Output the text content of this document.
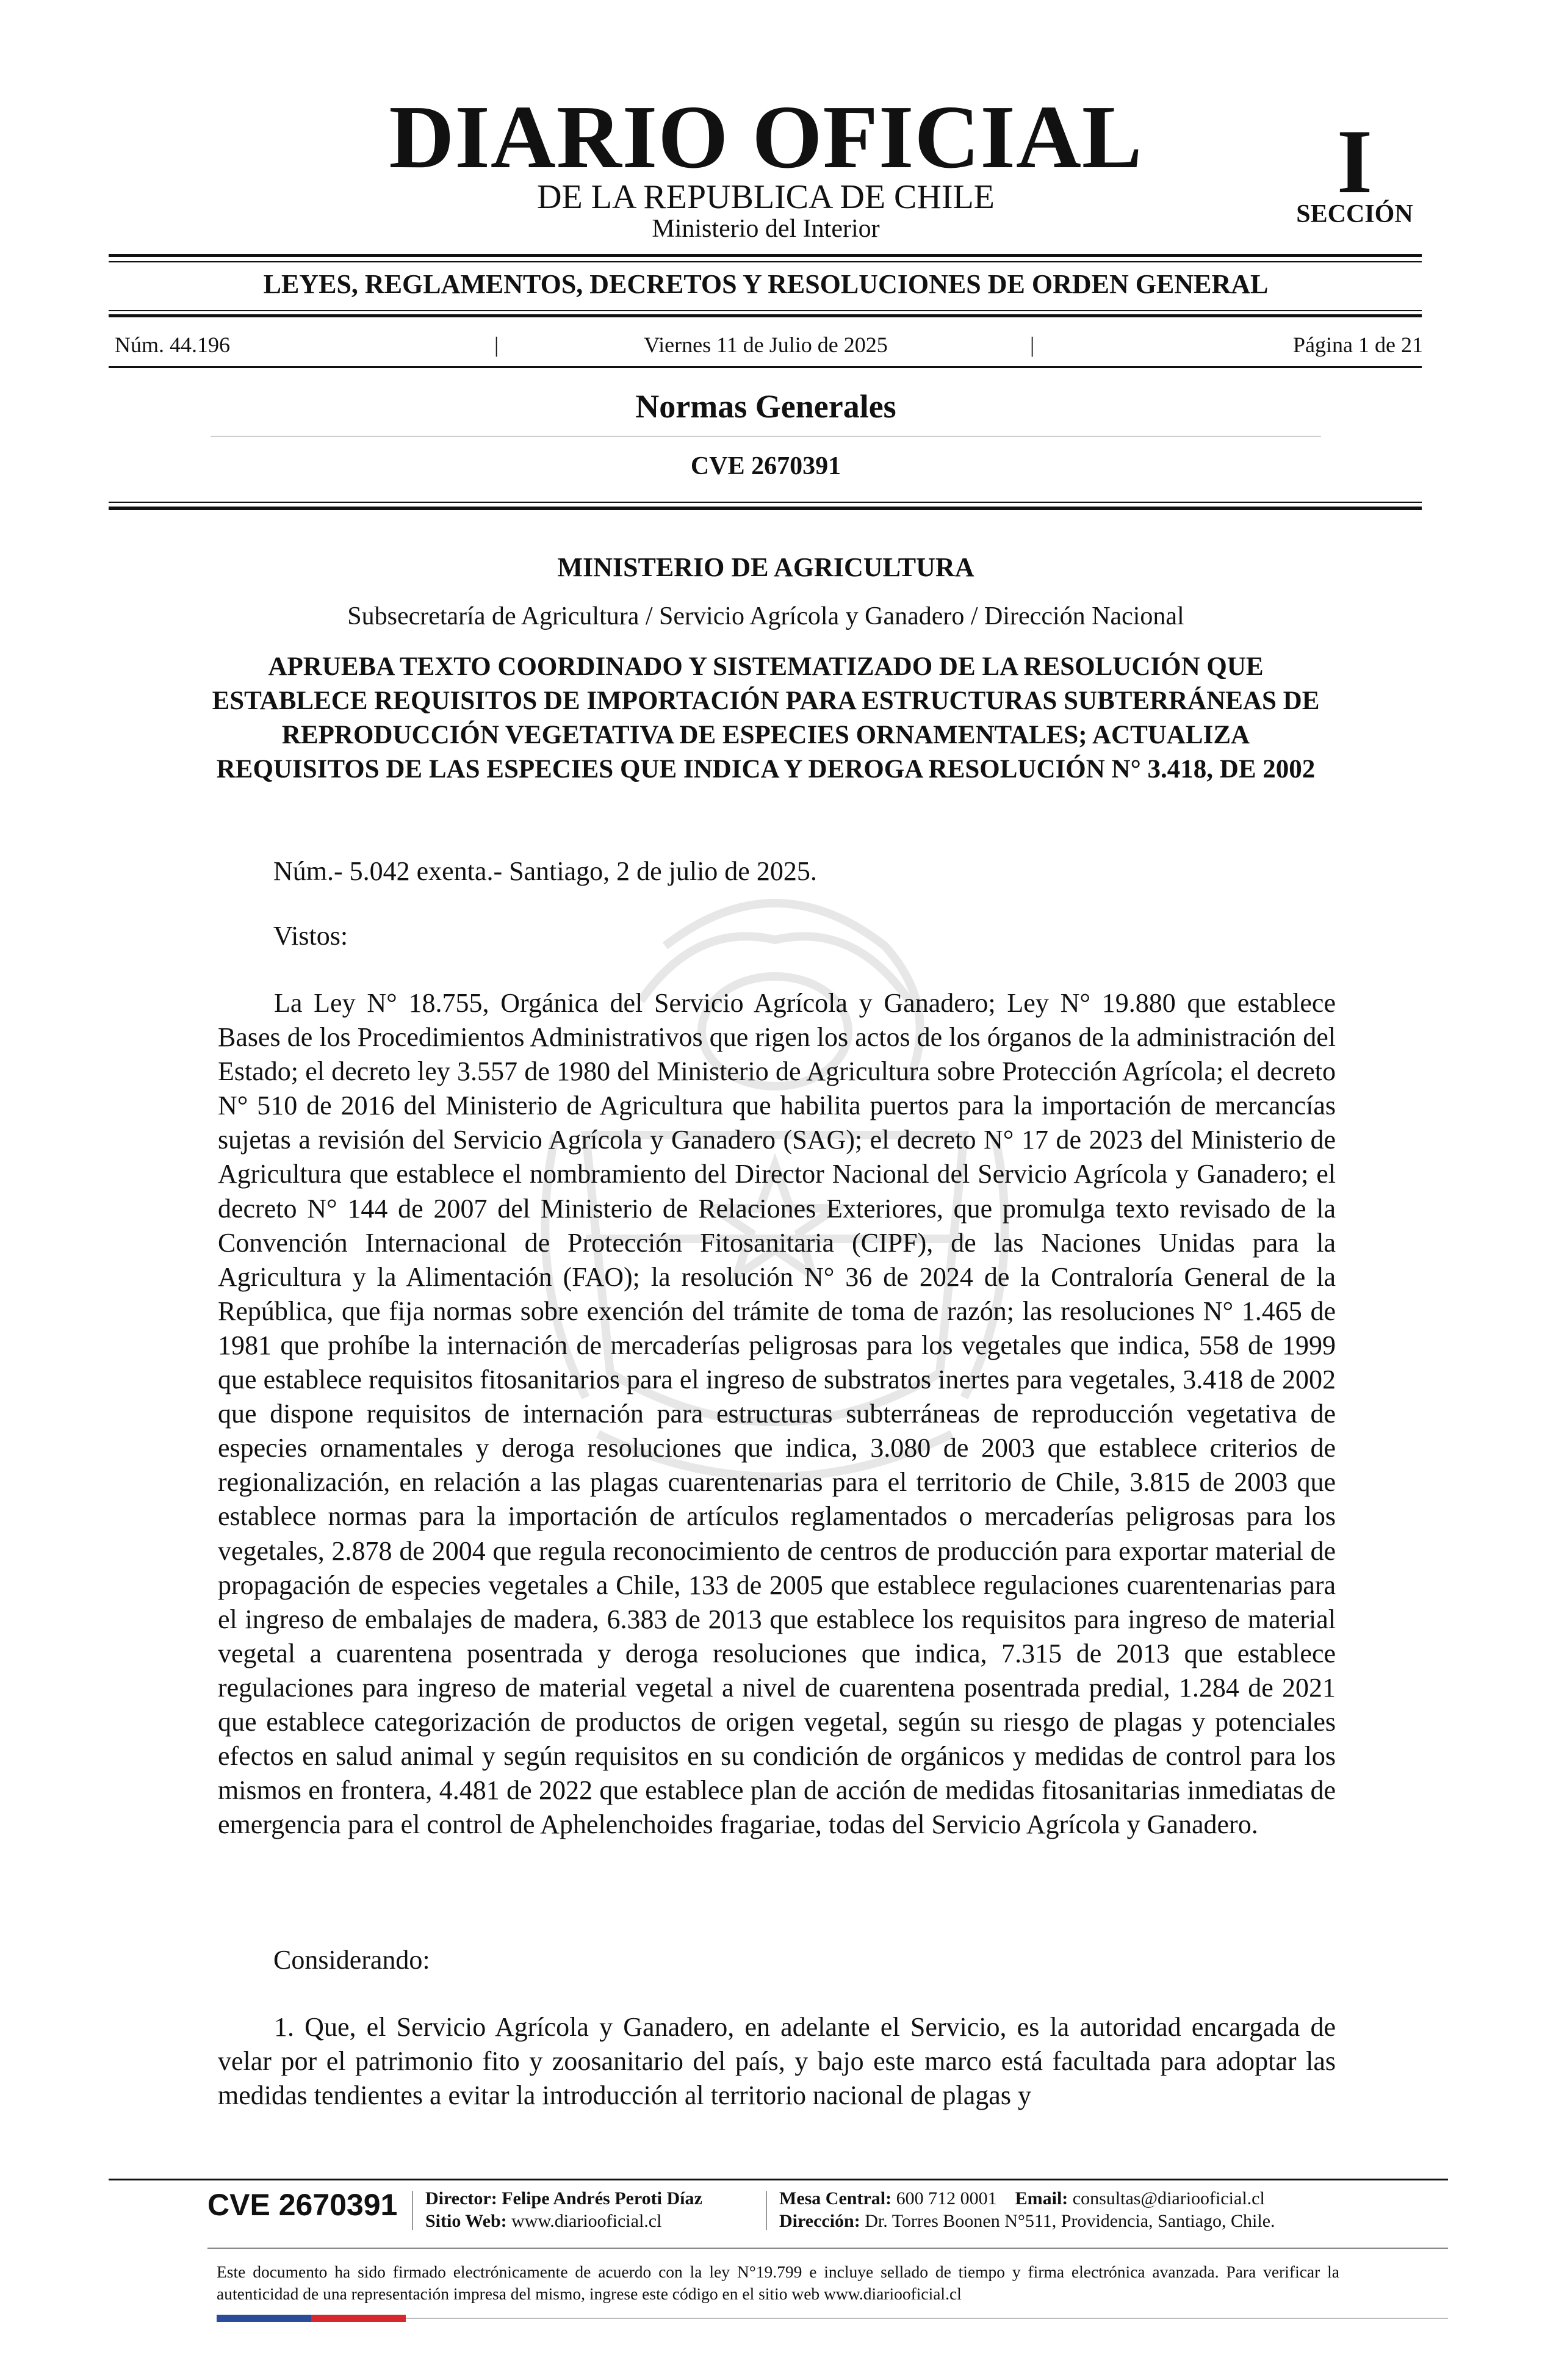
DIARIO OFICIAL
DE LA REPUBLICA DE CHILE
Ministerio del Interior
I
SECCIÓN
LEYES, REGLAMENTOS, DECRETOS Y RESOLUCIONES DE ORDEN GENERAL
Núm. 44.196	|	Viernes 11 de Julio de 2025	|	Página 1 de 21
Normas Generales
CVE 2670391
MINISTERIO DE AGRICULTURA
Subsecretaría de Agricultura / Servicio Agrícola y Ganadero / Dirección Nacional
APRUEBA TEXTO COORDINADO Y SISTEMATIZADO DE LA RESOLUCIÓN QUE ESTABLECE REQUISITOS DE IMPORTACIÓN PARA ESTRUCTURAS SUBTERRÁNEAS DE REPRODUCCIÓN VEGETATIVA DE ESPECIES ORNAMENTALES; ACTUALIZA REQUISITOS DE LAS ESPECIES QUE INDICA Y DEROGA RESOLUCIÓN N° 3.418, DE 2002
Núm.- 5.042 exenta.- Santiago, 2 de julio de 2025.
Vistos:

La Ley N° 18.755, Orgánica del Servicio Agrícola y Ganadero; Ley N° 19.880 que establece Bases de los Procedimientos Administrativos que rigen los actos de los órganos de la administración del Estado; el decreto ley 3.557 de 1980 del Ministerio de Agricultura sobre Protección Agrícola; el decreto N° 510 de 2016 del Ministerio de Agricultura que habilita puertos para la importación de mercancías sujetas a revisión del Servicio Agrícola y Ganadero (SAG); el decreto N° 17 de 2023 del Ministerio de Agricultura que establece el nombramiento del Director Nacional del Servicio Agrícola y Ganadero; el decreto N° 144 de 2007 del Ministerio de Relaciones Exteriores, que promulga texto revisado de la Convención Internacional de Protección Fitosanitaria (CIPF), de las Naciones Unidas para la Agricultura y la Alimentación (FAO); la resolución N° 36 de 2024 de la Contraloría General de la República, que fija normas sobre exención del trámite de toma de razón; las resoluciones N° 1.465 de 1981 que prohíbe la internación de mercaderías peligrosas para los vegetales que indica, 558 de 1999 que establece requisitos fitosanitarios para el ingreso de substratos inertes para vegetales, 3.418 de 2002 que dispone requisitos de internación para estructuras subterráneas de reproducción vegetativa de especies ornamentales y deroga resoluciones que indica, 3.080 de 2003 que establece criterios de regionalización, en relación a las plagas cuarentenarias para el territorio de Chile, 3.815 de 2003 que establece normas para la importación de artículos reglamentados o mercaderías peligrosas para los vegetales, 2.878 de 2004 que regula reconocimiento de centros de producción para exportar material de propagación de especies vegetales a Chile, 133 de 2005 que establece regulaciones cuarentenarias para el ingreso de embalajes de madera, 6.383 de 2013 que establece los requisitos para ingreso de material vegetal a cuarentena posentrada y deroga resoluciones que indica, 7.315 de 2013 que establece regulaciones para ingreso de material vegetal a nivel de cuarentena posentrada predial, 1.284 de 2021 que establece categorización de productos de origen vegetal, según su riesgo de plagas y potenciales efectos en salud animal y según requisitos en su condición de orgánicos y medidas de control para los mismos en frontera, 4.481 de 2022 que establece plan de acción de medidas fitosanitarias inmediatas de emergencia para el control de Aphelenchoides fragariae, todas del Servicio Agrícola y Ganadero.

Considerando:

1. Que, el Servicio Agrícola y Ganadero, en adelante el Servicio, es la autoridad encargada de velar por el patrimonio fito y zoosanitario del país, y bajo este marco está facultada para adoptar las medidas tendientes a evitar la introducción al territorio nacional de plagas y

CVE 2670391 Director: Felipe Andrés Peroti Díaz
Sitio Web: www.diariooficial.cl
Mesa Central: 600 712 0001 Email: consultas@diariooficial.cl
Dirección: Dr. Torres Boonen N°511, Providencia, Santiago, Chile.
Este documento ha sido firmado electrónicamente de acuerdo con la ley N°19.799 e incluye sellado de tiempo y firma electrónica avanzada. Para verificar la autenticidad de una representación impresa del mismo, ingrese este código en el sitio web www.diariooficial.cl
